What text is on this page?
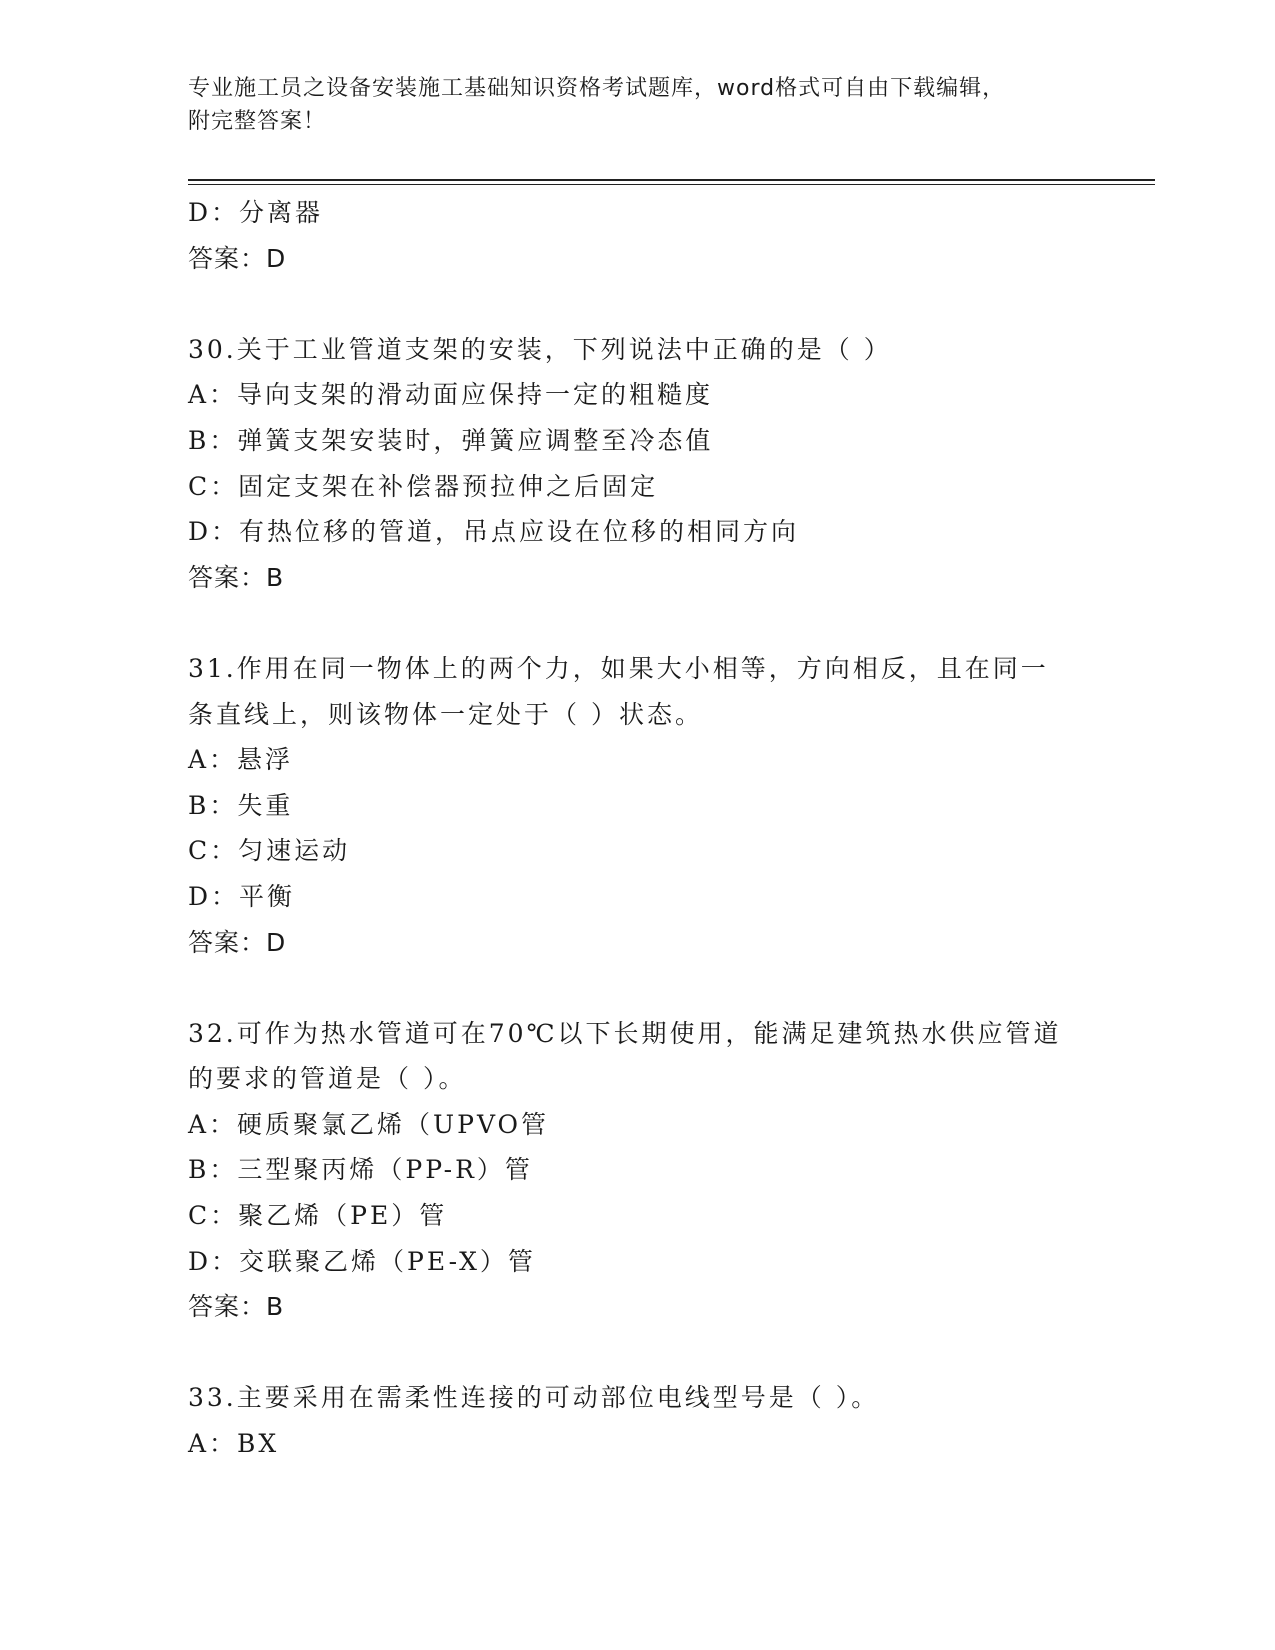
专业施工员之设备安装施工基础知识资格考试题库，word格式可自由下载编辑，
附完整答案！
D：分离器
答案：D
30.关于工业管道支架的安装，下列说法中正确的是（ ）
A：导向支架的滑动面应保持一定的粗糙度
B：弹簧支架安装时，弹簧应调整至冷态值
C：固定支架在补偿器预拉伸之后固定
D：有热位移的管道，吊点应设在位移的相同方向
答案：B
31.作用在同一物体上的两个力，如果大小相等，方向相反，且在同一
条直线上，则该物体一定处于（ ）状态。
A：悬浮
B：失重
C：匀速运动
D：平衡
答案：D
32.可作为热水管道可在70℃以下长期使用，能满足建筑热水供应管道
的要求的管道是（ ）。
A：硬质聚氯乙烯（UPVO管
B：三型聚丙烯（PP-R）管
C：聚乙烯（PE）管
D：交联聚乙烯（PE-X）管
答案：B
33.主要采用在需柔性连接的可动部位电线型号是（ ）。
A：BX
